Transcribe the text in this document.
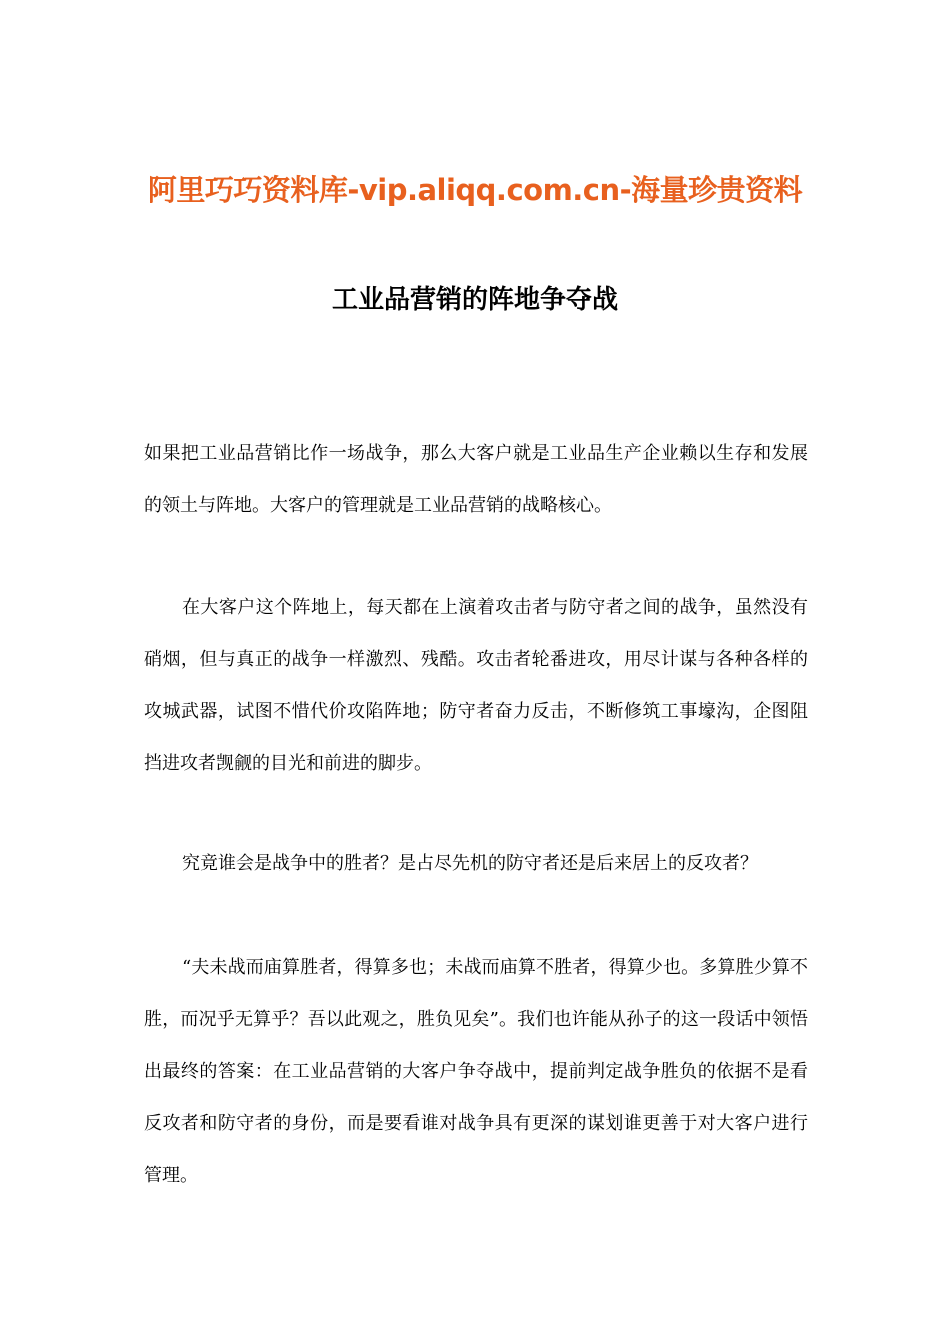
阿里巧巧资料库-vip.aliqq.com.cn-海量珍贵资料
工业品营销的阵地争夺战

如果把工业品营销比作一场战争，那么大客户就是工业品生产企业赖以生存和发展的领土与阵地。大客户的管理就是工业品营销的战略核心。

在大客户这个阵地上，每天都在上演着攻击者与防守者之间的战争，虽然没有硝烟，但与真正的战争一样激烈、残酷。攻击者轮番进攻，用尽计谋与各种各样的攻城武器，试图不惜代价攻陷阵地；防守者奋力反击，不断修筑工事壕沟，企图阻挡进攻者觊觎的目光和前进的脚步。

究竟谁会是战争中的胜者？是占尽先机的防守者还是后来居上的反攻者？

“夫未战而庙算胜者，得算多也；未战而庙算不胜者，得算少也。多算胜少算不胜，而况乎无算乎？吾以此观之，胜负见矣”。我们也许能从孙子的这一段话中领悟出最终的答案：在工业品营销的大客户争夺战中，提前判定战争胜负的依据不是看反攻者和防守者的身份，而是要看谁对战争具有更深的谋划谁更善于对大客户进行管理。
